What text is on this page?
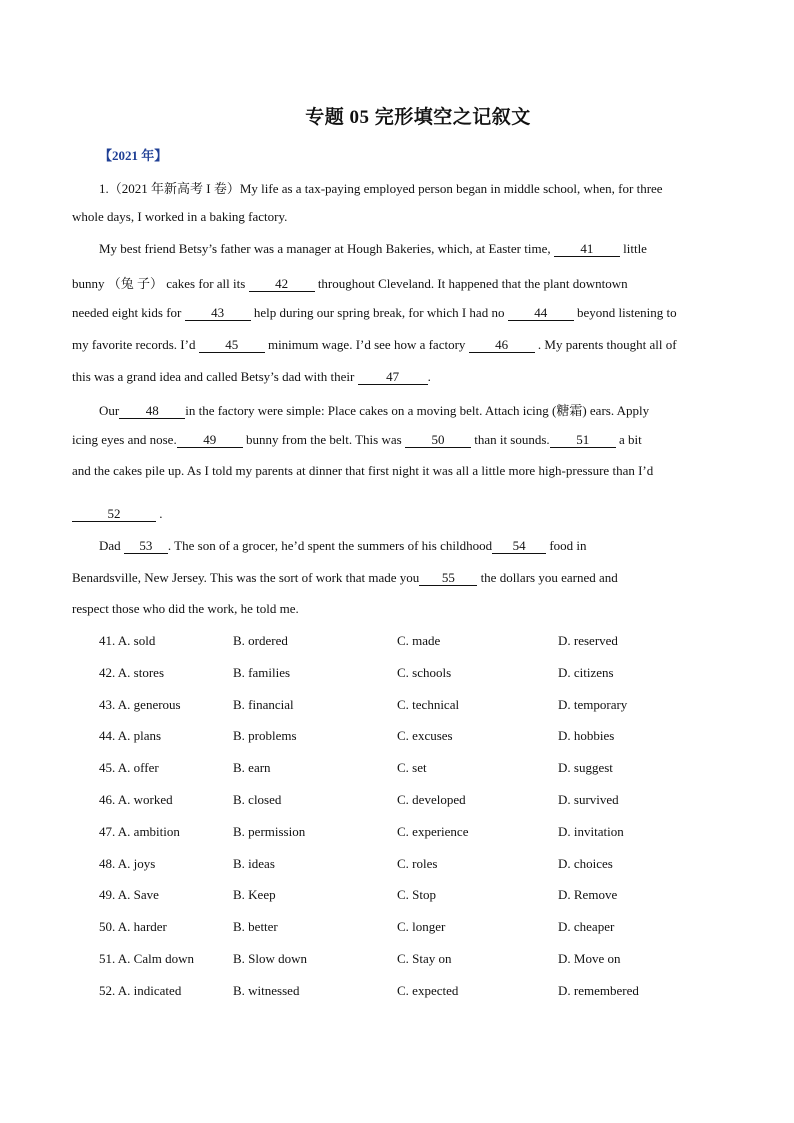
专题 05 完形填空之记叙文
【2021 年】
1.（2021 年新高考 I 卷）My life as a tax-paying employed person began in middle school, when, for three
whole days, I worked in a baking factory.
My best friend Betsy’s father was a manager at Hough Bakeries, which, at Easter time, 41 little
bunny （兔 子） cakes for all its 42 throughout Cleveland. It happened that the plant downtown
needed eight kids for 43 help during our spring break, for which I had no 44 beyond listening to
my favorite records. I’d 45 minimum wage. I’d see how a factory 46 . My parents thought all of
this was a grand idea and called Betsy’s dad with their 47 .
Our 48 in the factory were simple: Place cakes on a moving belt. Attach icing (糖霜) ears. Apply
icing eyes and nose. 49 bunny from the belt. This was 50 than it sounds. 51 a bit
and the cakes pile up. As I told my parents at dinner that first night it was all a little more high-pressure than I’d
52	.
Dad 53 . The son of a grocer, he’d spent the summers of his childhood 54 food in
Benardsville, New Jersey. This was the sort of work that made you 55 the dollars you earned and
respect those who did the work, he told me.
41. A. sold	B. ordered	C. made	D. reserved
42. A. stores	B. families	C. schools	D. citizens
43. A. generous	B. financial	C. technical	D. temporary
44. A. plans	B. problems	C. excuses	D. hobbies
45. A. offer	B. earn	C. set	D. suggest
46. A. worked	B. closed	C. developed	D. survived
47. A. ambition	B. permission	C. experience	D. invitation
48. A. joys	B. ideas	C. roles	D. choices
49. A. Save	B. Keep	C. Stop	D. Remove
50. A. harder	B. better	C. longer	D. cheaper
51. A. Calm down	B. Slow down	C. Stay on	D. Move on
52. A. indicated	B. witnessed	C. expected	D. remembered
